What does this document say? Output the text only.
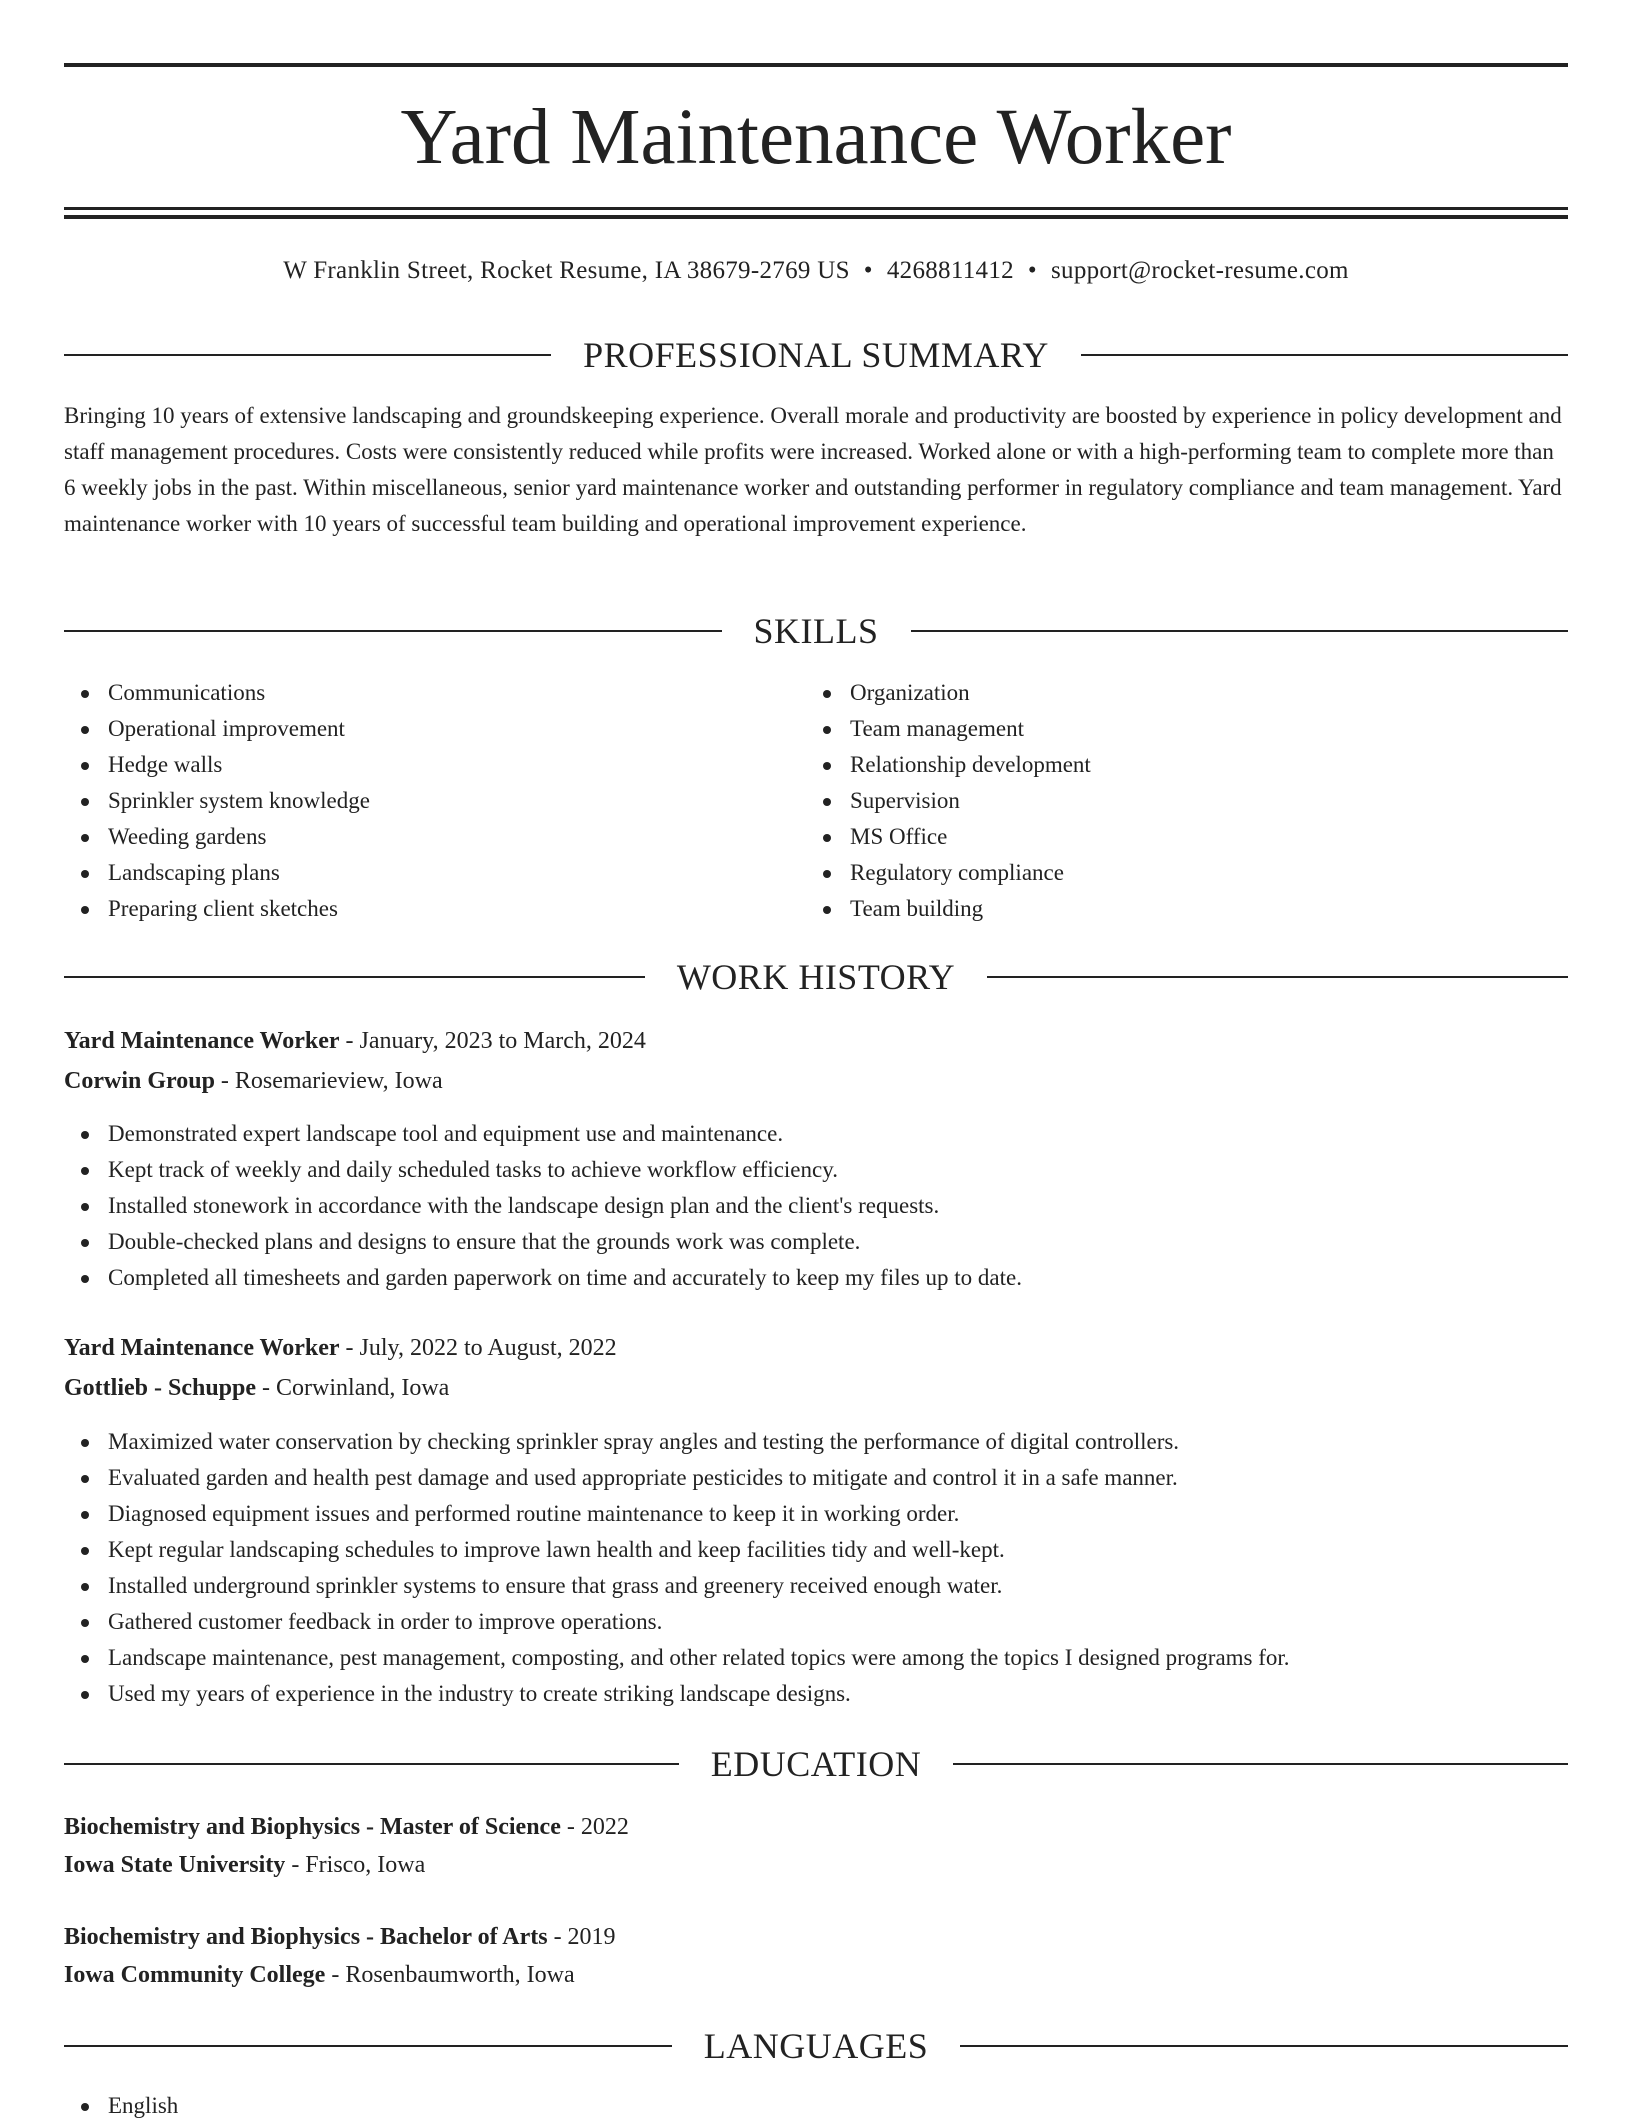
Yard Maintenance Worker
W Franklin Street, Rocket Resume, IA 38679-2769 US • 4268811412 • support@rocket-resume.com
PROFESSIONAL SUMMARY

Bringing 10 years of extensive landscaping and groundskeeping experience. Overall morale and productivity are boosted by experience in policy development and staff management procedures. Costs were consistently reduced while profits were increased. Worked alone or with a high-performing team to complete more than 6 weekly jobs in the past. Within miscellaneous, senior yard maintenance worker and outstanding performer in regulatory compliance and team management. Yard maintenance worker with 10 years of successful team building and operational improvement experience.

SKILLS
Communications
Operational improvement
Hedge walls
Sprinkler system knowledge
Weeding gardens
Landscaping plans
Preparing client sketches
Organization
Team management
Relationship development
Supervision
MS Office
Regulatory compliance
Team building
WORK HISTORY
Yard Maintenance Worker - January, 2023 to March, 2024
Corwin Group - Rosemarieview, Iowa
Demonstrated expert landscape tool and equipment use and maintenance.
Kept track of weekly and daily scheduled tasks to achieve workflow efficiency.
Installed stonework in accordance with the landscape design plan and the client's requests.
Double-checked plans and designs to ensure that the grounds work was complete.
Completed all timesheets and garden paperwork on time and accurately to keep my files up to date.
Yard Maintenance Worker - July, 2022 to August, 2022
Gottlieb - Schuppe - Corwinland, Iowa
Maximized water conservation by checking sprinkler spray angles and testing the performance of digital controllers.
Evaluated garden and health pest damage and used appropriate pesticides to mitigate and control it in a safe manner.
Diagnosed equipment issues and performed routine maintenance to keep it in working order.
Kept regular landscaping schedules to improve lawn health and keep facilities tidy and well-kept.
Installed underground sprinkler systems to ensure that grass and greenery received enough water.
Gathered customer feedback in order to improve operations.
Landscape maintenance, pest management, composting, and other related topics were among the topics I designed programs for.
Used my years of experience in the industry to create striking landscape designs.
EDUCATION
Biochemistry and Biophysics - Master of Science - 2022
Iowa State University - Frisco, Iowa
Biochemistry and Biophysics - Bachelor of Arts - 2019
Iowa Community College - Rosenbaumworth, Iowa
LANGUAGES
English
